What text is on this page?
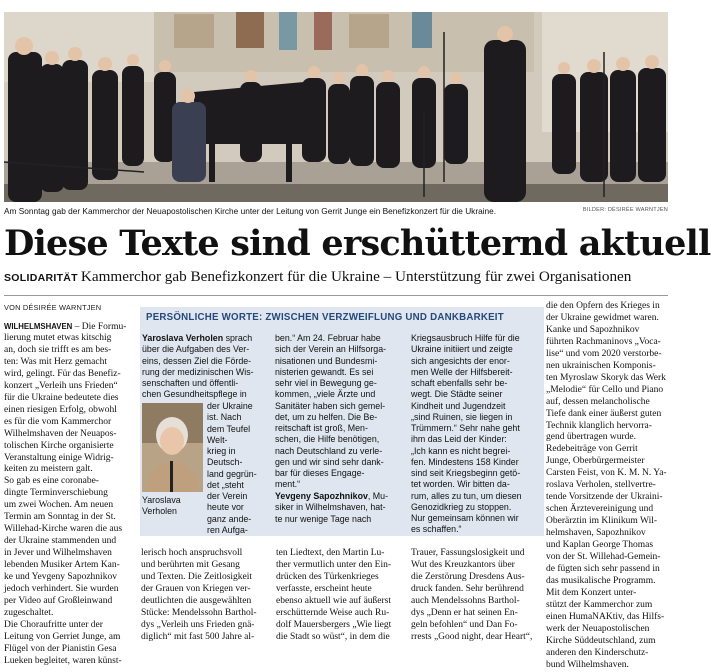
Am Sonntag gab der Kammerchor der Neuapostolischen Kirche unter der Leitung von Gerrit Junge ein Benefizkonzert für die Ukraine.	BILDER: DÉSIRÉE WARNTJEN
Diese Texte sind erschütternd aktuell
SOLIDARITÄT Kammerchor gab Benefizkonzert für die Ukraine – Unterstützung für zwei Organisationen
VON DÉSIRÉE WARNTJEN
WILHELMSHAVEN – Die Formu-
lierung mutet etwas kitschig
an, doch sie trifft es am bes-
ten: Was mit Herz gemacht
wird, gelingt. Für das Benefiz-
konzert „Verleih uns Frieden“
für die Ukraine bedeutete dies
einen riesigen Erfolg, obwohl
es für die vom Kammerchor
Wilhelmshaven der Neuapos-
tolischen Kirche organisierte
Veranstaltung einige Widrig-
keiten zu meistern galt.
So gab es eine coronabe-
dingte Terminverschiebung
um zwei Wochen. Am neuen
Termin am Sonntag in der St.
Willehad-Kirche waren die aus
der Ukraine stammenden und
in Jever und Wilhelmshaven
lebenden Musiker Artem Kan-
ke und Yevgeny Sapozhnikov
jedoch verhindert. Sie wurden
per Video auf Großleinwand
zugeschaltet.
Die Choraufritte unter der
Leitung von Gerriet Junge, am
Flügel von der Pianistin Gesa
Lueken begleitet, waren künst-
PERSÖNLICHE WORTE: ZWISCHEN VERZWEIFLUNG UND DANKBARKEIT
Yaroslava Verholen sprach
über die Aufgaben des Ver-
eins, dessen Ziel die Förde-
rung der medizinischen Wis-
senschaften und öffentli-
chen Gesundheitspflege in
der Ukraine
ist. Nach
dem Teufel
Welt-
krieg in
Deutsch-
land gegrün-
det „steht
der Verein
heute vor
ganz ande-
ren Aufga-
Yaroslava
Verholen
ben.“ Am 24. Februar habe
sich der Verein an Hilfsorga-
nisationen und Bundesmi-
nisterien gewandt. Es sei
sehr viel in Bewegung ge-
kommen, „viele Ärzte und
Sanitäter haben sich gemel-
det, um zu helfen. Die Be-
reitschaft ist groß, Men-
schen, die Hilfe benötigen,
nach Deutschland zu verle-
gen und wir sind sehr dank-
bar für dieses Engage-
ment.“
Yevgeny Sapozhnikov, Mu-
siker in Wilhelmshaven, hat-
te nur wenige Tage nach
Kriegsausbruch Hilfe für die
Ukraine initiiert und zeigte
sich angesichts der enor-
men Welle der Hilfsbereit-
schaft ebenfalls sehr be-
wegt. Die Städte seiner
Kindheit und Jugendzeit
„sind Ruinen, sie liegen in
Trümmern.“ Sehr nahe geht
ihm das Leid der Kinder:
„Ich kann es nicht begrei-
fen. Mindestens 158 Kinder
sind seit Kriegsbeginn getö-
tet worden. Wir bitten da-
rum, alles zu tun, um diesen
Genozidkrieg zu stoppen.
Nur gemeinsam können wir
es schaffen.“
lerisch hoch anspruchsvoll
und berührten mit Gesang
und Texten. Die Zeitlosigkeit
der Grauen von Kriegen ver-
deutlichten die ausgewählten
Stücke: Mendelssohn Barthol-
dys „Verleih uns Frieden gnä-
diglich“ mit fast 500 Jahre al-
ten Liedtext, den Martin Lu-
ther vermutlich unter den Ein-
drücken des Türkenkrieges
verfasste, erscheint heute
ebenso aktuell wie auf äußerst
erschütternde Weise auch Ru-
dolf Mauersbergers „Wie liegt
die Stadt so wüst“, in dem die
Trauer, Fassungslosigkeit und
Wut des Kreuzkantors über
die Zerstörung Dresdens Aus-
druck fanden. Sehr berührend
auch Mendelssohns Barthol-
dys „Denn er hat seinen En-
geln befohlen“ und Dan Fo-
rrests „Good night, dear Heart“,
die den Opfern des Krieges in
der Ukraine gewidmet waren.
Kanke und Sapozhnikov
führten Rachmaninovs „Voca-
lise“ und vom 2020 verstorbe-
nen ukrainischen Komponis-
ten Myroslaw Skoryk das Werk
„Melodie“ für Cello und Piano
auf, dessen melancholische
Tiefe dank einer äußerst guten
Technik klanglich hervorra-
gend übertragen wurde.
Redebeiträge von Gerrit
Junge, Oberbürgermeister
Carsten Feist, von K. M. N. Ya-
roslava Verholen, stellvertre-
tende Vorsitzende der Ukraini-
schen Ärztevereinigung und
Oberärztin im Klinikum Wil-
helmshaven, Sapozhnikov
und Kaplan George Thomas
von der St. Willehad-Gemein-
de fügten sich sehr passend in
das musikalische Programm.
Mit dem Konzert unter-
stützt der Kammerchor zum
einen HumaNAKtiv, das Hilfs-
werk der Neuapostolischen
Kirche Süddeutschland, zum
anderen den Kinderschutz-
bund Wilhelmshaven.
